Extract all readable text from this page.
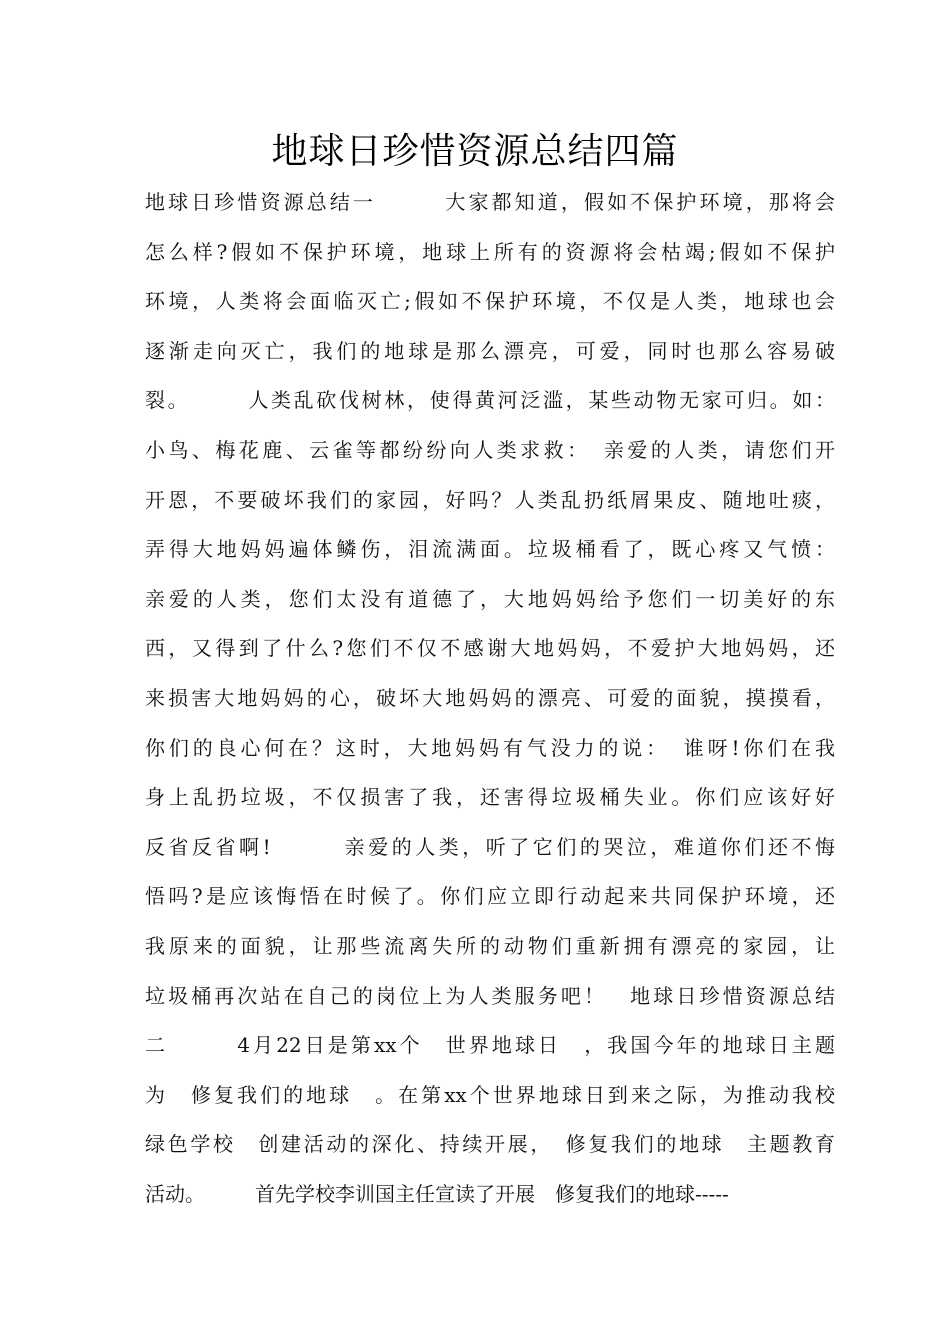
地球日珍惜资源总结四篇
地球日珍惜资源总结一　　　大家都知道，假如不保护环境，那将会
怎么样?假如不保护环境，地球上所有的资源将会枯竭;假如不保护
环境，人类将会面临灭亡;假如不保护环境，不仅是人类，地球也会
逐渐走向灭亡，我们的地球是那么漂亮，可爱，同时也那么容易破
裂。　　　人类乱砍伐树林，使得黄河泛滥，某些动物无家可归。如：
小鸟、梅花鹿、云雀等都纷纷向人类求救：　亲爱的人类，请您们开
开恩，不要破坏我们的家园，好吗？人类乱扔纸屑果皮、随地吐痰，
弄得大地妈妈遍体鳞伤，泪流满面。垃圾桶看了，既心疼又气愤：
亲爱的人类，您们太没有道德了，大地妈妈给予您们一切美好的东
西，又得到了什么?您们不仅不感谢大地妈妈，不爱护大地妈妈，还
来损害大地妈妈的心，破坏大地妈妈的漂亮、可爱的面貌，摸摸看，
你们的良心何在？这时，大地妈妈有气没力的说：　谁呀!你们在我
身上乱扔垃圾，不仅损害了我，还害得垃圾桶失业。你们应该好好
反省反省啊!　　　亲爱的人类，听了它们的哭泣，难道你们还不悔
悟吗?是应该悔悟在时候了。你们应立即行动起来共同保护环境，还
我原来的面貌，让那些流离失所的动物们重新拥有漂亮的家园，让
垃圾桶再次站在自己的岗位上为人类服务吧！　地球日珍惜资源总结
二　　　4月22日是第xx个　世界地球日　，我国今年的地球日主题
为　修复我们的地球　。在第xx个世界地球日到来之际，为推动我校
绿色学校　创建活动的深化、持续开展，　修复我们的地球　主题教育
活动。　　　首先学校李训国主任宣读了开展　修复我们的地球-----
